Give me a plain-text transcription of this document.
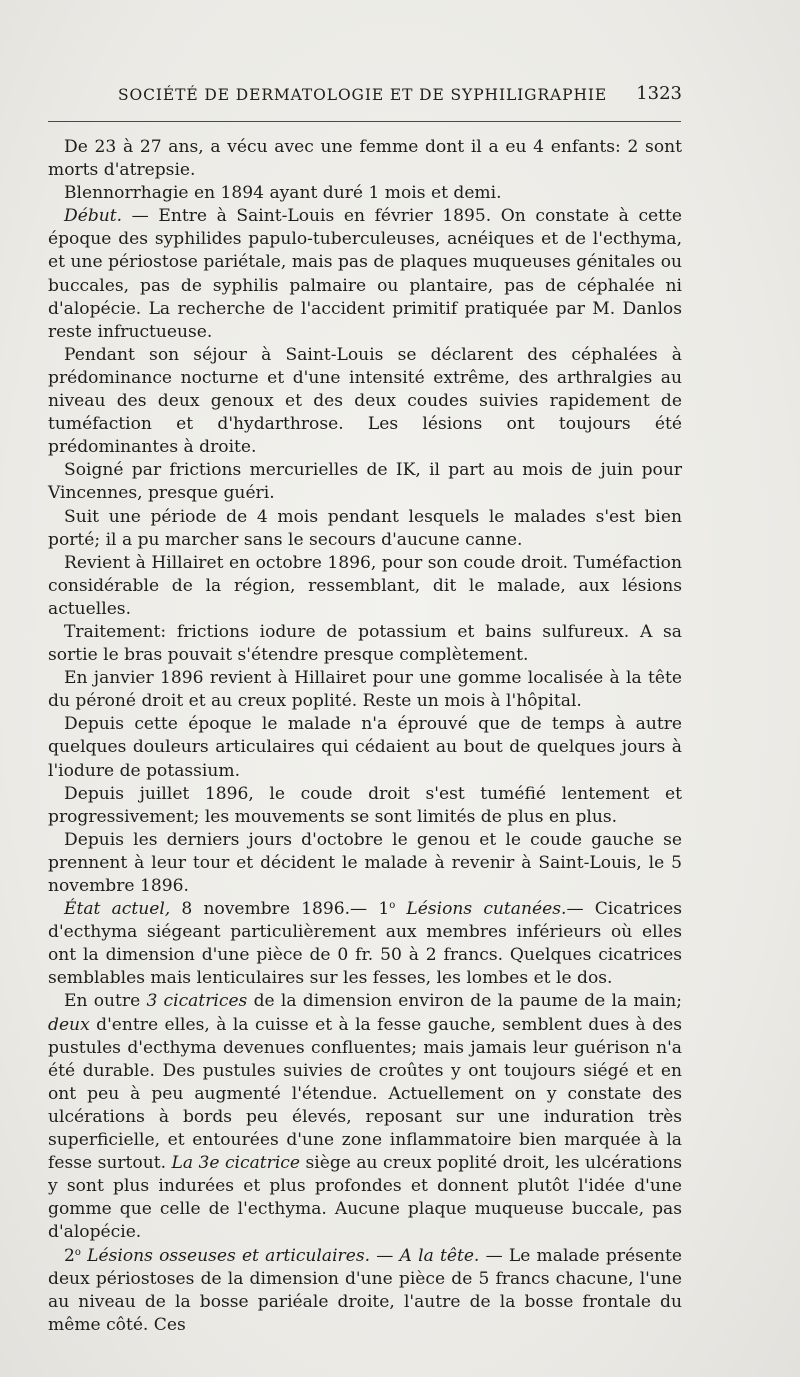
SOCIÉTÉ DE DERMATOLOGIE ET DE SYPHILIGRAPHIE 1323

De 23 à 27 ans, a vécu avec une femme dont il a eu 4 enfants: 2 sont morts d'atrepsie.

Blennorrhagie en 1894 ayant duré 1 mois et demi.

Début. — Entre à Saint-Louis en février 1895. On constate à cette époque des syphilides papulo-tuberculeuses, acnéiques et de l'ecthyma, et une périostose pariétale, mais pas de plaques muqueuses génitales ou buccales, pas de syphilis palmaire ou plantaire, pas de céphalée ni d'alopécie. La recherche de l'accident primitif pratiquée par M. Danlos reste infructueuse.

Pendant son séjour à Saint-Louis se déclarent des céphalées à prédominance nocturne et d'une intensité extrême, des arthralgies au niveau des deux genoux et des deux coudes suivies rapidement de tuméfaction et d'hydarthrose. Les lésions ont toujours été prédominantes à droite.

Soigné par frictions mercurielles de IK, il part au mois de juin pour Vincennes, presque guéri.

Suit une période de 4 mois pendant lesquels le malades s'est bien porté; il a pu marcher sans le secours d'aucune canne.

Revient à Hillairet en octobre 1896, pour son coude droit. Tuméfaction considérable de la région, ressemblant, dit le malade, aux lésions actuelles.

Traitement: frictions iodure de potassium et bains sulfureux. A sa sortie le bras pouvait s'étendre presque complètement.

En janvier 1896 revient à Hillairet pour une gomme localisée à la tête du péroné droit et au creux poplité. Reste un mois à l'hôpital.

Depuis cette époque le malade n'a éprouvé que de temps à autre quelques douleurs articulaires qui cédaient au bout de quelques jours à l'iodure de potassium.

Depuis juillet 1896, le coude droit s'est tuméfié lentement et progressivement; les mouvements se sont limités de plus en plus.

Depuis les derniers jours d'octobre le genou et le coude gauche se prennent à leur tour et décident le malade à revenir à Saint-Louis, le 5 novembre 1896.

État actuel, 8 novembre 1896.— 1$^o$ Lésions cutanées.— Cicatrices d'ecthyma siégeant particulièrement aux membres inférieurs où elles ont la dimension d'une pièce de 0 fr. 50 à 2 francs. Quelques cicatrices semblables mais lenticulaires sur les fesses, les lombes et le dos.

En outre 3 cicatrices de la dimension environ de la paume de la main; deux d'entre elles, à la cuisse et à la fesse gauche, semblent dues à des pustules d'ecthyma devenues confluentes; mais jamais leur guérison n'a été durable. Des pustules suivies de croûtes y ont toujours siégé et en ont peu à peu augmenté l'étendue. Actuellement on y constate des ulcérations à bords peu élevés, reposant sur une induration très superficielle, et entourées d'une zone inflammatoire bien marquée à la fesse surtout. La 3e cicatrice siège au creux poplité droit, les ulcérations y sont plus indurées et plus profondes et donnent plutôt l'idée d'une gomme que celle de l'ecthyma. Aucune plaque muqueuse buccale, pas d'alopécie.

2$^o$ Lésions osseuses et articulaires. — A la tête. — Le malade présente deux périostoses de la dimension d'une pièce de 5 francs chacune, l'une au niveau de la bosse pariéale droite, l'autre de la bosse frontale du même côté. Ces
